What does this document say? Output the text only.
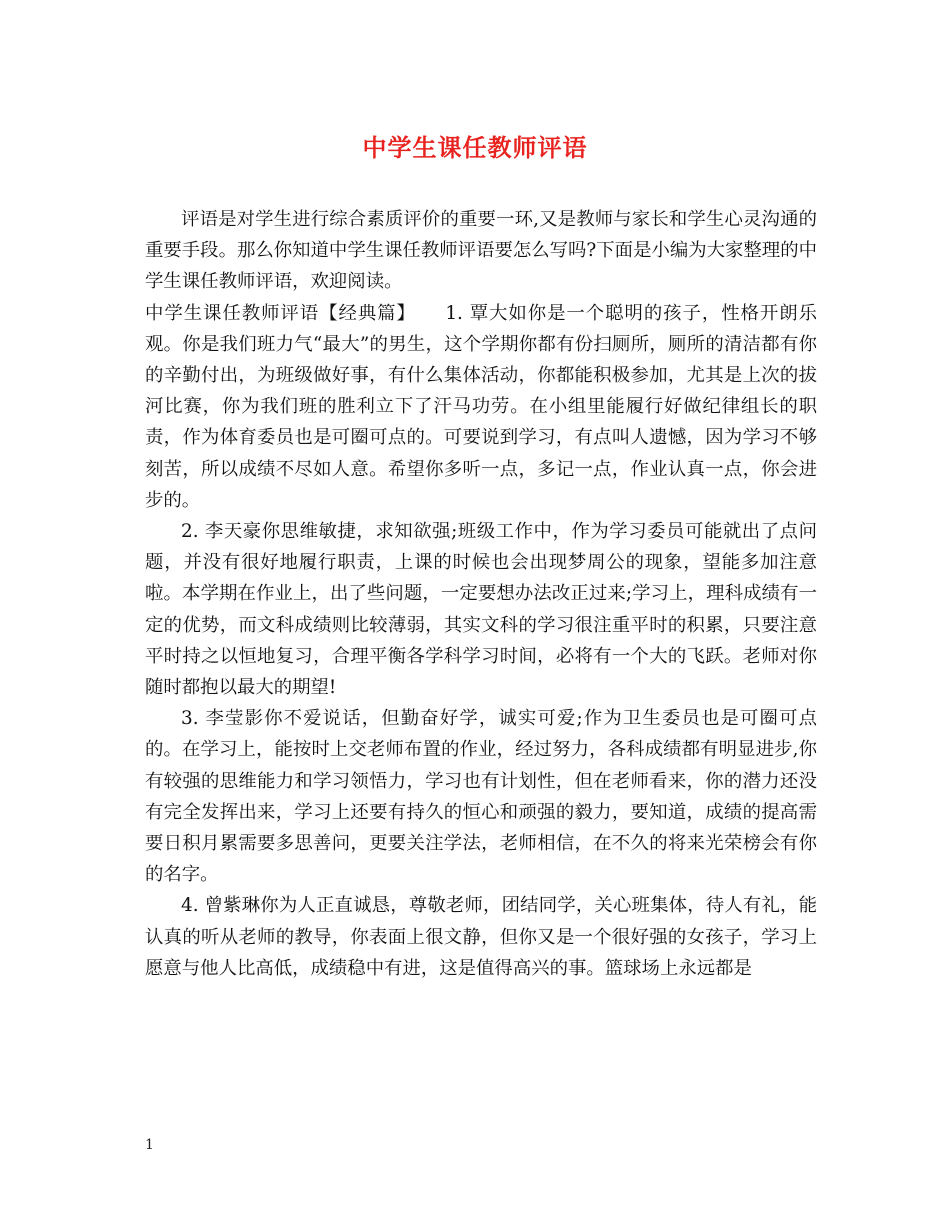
中学生课任教师评语

评语是对学生进行综合素质评价的重要一环,又是教师与家长和学生心灵沟通的重要手段。那么你知道中学生课任教师评语要怎么写吗?下面是小编为大家整理的中学生课任教师评语，欢迎阅读。

中学生课任教师评语【经典篇】　　1. 覃大如你是一个聪明的孩子，性格开朗乐观。你是我们班力气“最大”的男生，这个学期你都有份扫厕所，厕所的清洁都有你的辛勤付出，为班级做好事，有什么集体活动，你都能积极参加，尤其是上次的拔河比赛，你为我们班的胜利立下了汗马功劳。在小组里能履行好做纪律组长的职责，作为体育委员也是可圈可点的。可要说到学习，有点叫人遗憾，因为学习不够刻苦，所以成绩不尽如人意。希望你多听一点，多记一点，作业认真一点，你会进步的。

2. 李天豪你思维敏捷，求知欲强;班级工作中，作为学习委员可能就出了点问题，并没有很好地履行职责，上课的时候也会出现梦周公的现象，望能多加注意啦。本学期在作业上，出了些问题，一定要想办法改正过来;学习上，理科成绩有一定的优势，而文科成绩则比较薄弱，其实文科的学习很注重平时的积累，只要注意平时持之以恒地复习，合理平衡各学科学习时间，必将有一个大的飞跃。老师对你随时都抱以最大的期望!

3. 李莹影你不爱说话，但勤奋好学，诚实可爱;作为卫生委员也是可圈可点的。在学习上，能按时上交老师布置的作业，经过努力，各科成绩都有明显进步,你有较强的思维能力和学习领悟力，学习也有计划性，但在老师看来，你的潜力还没有完全发挥出来，学习上还要有持久的恒心和顽强的毅力，要知道，成绩的提高需要日积月累需要多思善问，更要关注学法，老师相信，在不久的将来光荣榜会有你的名字。

4. 曾紫琳你为人正直诚恳，尊敬老师，团结同学，关心班集体，待人有礼，能认真的听从老师的教导，你表面上很文静，但你又是一个很好强的女孩子，学习上愿意与他人比高低，成绩稳中有进，这是值得高兴的事。篮球场上永远都是

1
